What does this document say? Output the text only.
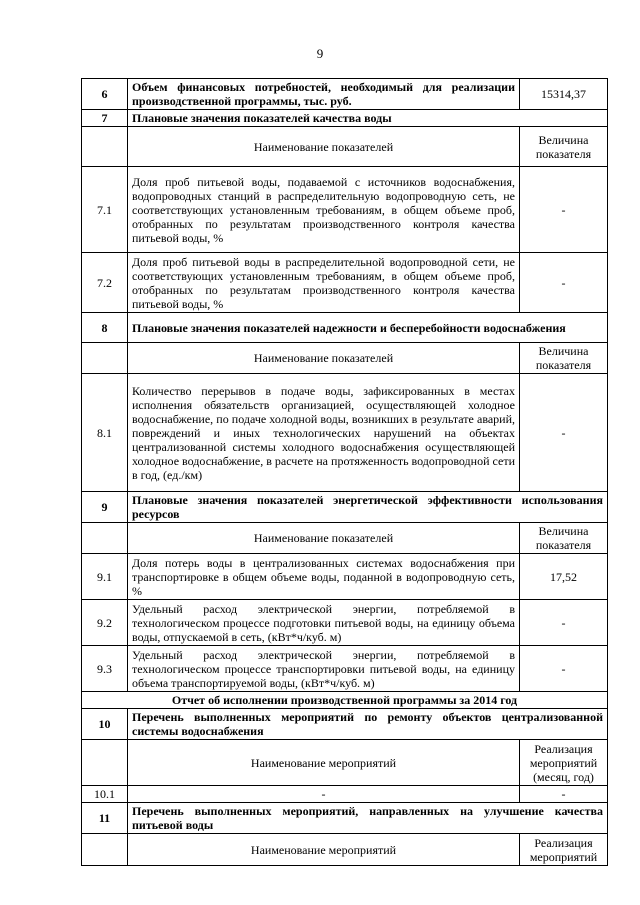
9
6	Объем финансовых потребностей, необходимый для реализации производственной программы, тыс. руб.	15314,37
7	Плановые значения показателей качества воды	
	Наименование показателей	Величина показателя
7.1	Доля проб питьевой воды, подаваемой с источников водоснабжения, водопроводных станций в распределительную водопроводную сеть, не соответствующих установленным требованиям, в общем объеме проб, отобранных по результатам производственного контроля качества питьевой воды, %	-
7.2	Доля проб питьевой воды в распределительной водопроводной сети, не соответствующих установленным требованиям, в общем объеме проб, отобранных по результатам производственного контроля качества питьевой воды, %	-
8	Плановые значения показателей надежности и бесперебойности водоснабжения	
	Наименование показателей	Величина показателя
8.1	Количество перерывов в подаче воды, зафиксированных в местах исполнения обязательств организацией, осуществляющей холодное водоснабжение, по подаче холодной воды, возникших в результате аварий, повреждений и иных технологических нарушений на объектах централизованной системы холодного водоснабжения осуществляющей холодное водоснабжение, в расчете на протяженность водопроводной сети в год, (ед./км)	-
9	Плановые значения показателей энергетической эффективности использования ресурсов	
	Наименование показателей	Величина показателя
9.1	Доля потерь воды в централизованных системах водоснабжения при транспортировке в общем объеме воды, поданной в водопроводную сеть, %	17,52
9.2	Удельный расход электрической энергии, потребляемой в технологическом процессе подготовки питьевой воды, на единицу объема воды, отпускаемой в сеть, (кВт*ч/куб. м)	-
9.3	Удельный расход электрической энергии, потребляемой в технологическом процессе транспортировки питьевой воды, на единицу объема транспортируемой воды, (кВт*ч/куб. м)	-
Отчет об исполнении производственной программы за 2014 год		
10	Перечень выполненных мероприятий по ремонту объектов централизованной системы водоснабжения	
	Наименование мероприятий	Реализация мероприятий (месяц, год)
10.1	-	-
11	Перечень выполненных мероприятий, направленных на улучшение качества питьевой воды	
	Наименование мероприятий	Реализация мероприятий
